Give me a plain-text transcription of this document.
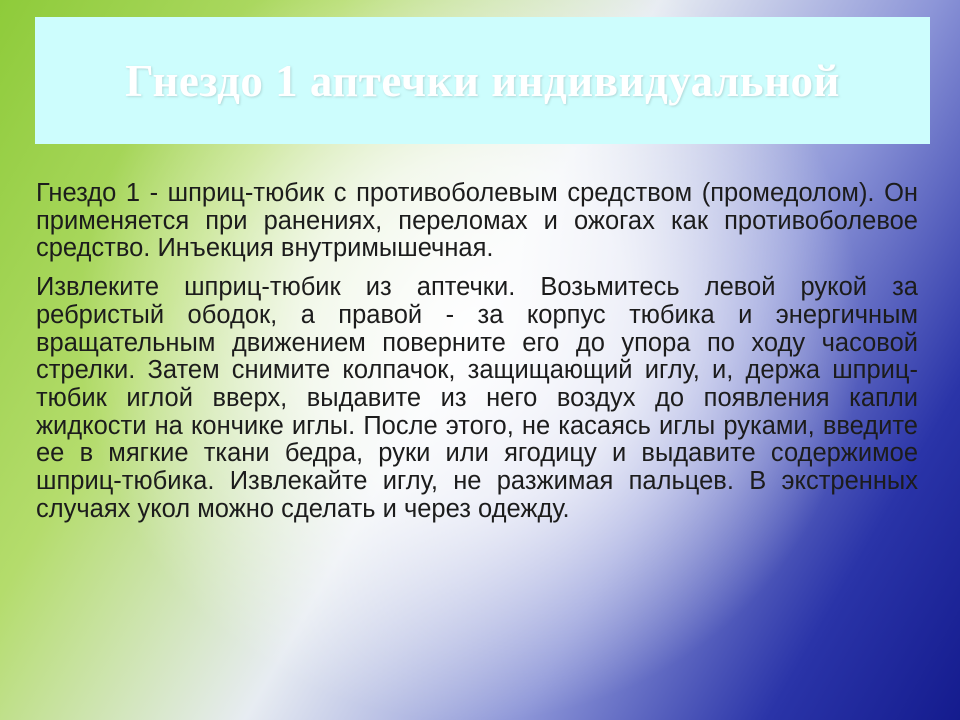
Гнездо 1 аптечки индивидуальной

Гнездо 1 - шприц-тюбик с противоболевым средством (промедолом). Он применяется при ранениях, переломах и ожогах как противоболевое средство. Инъекция внутримышечная.

Извлеките шприц-тюбик из аптечки. Возьмитесь левой рукой за ребристый ободок, а правой - за корпус тюбика и энергичным вращательным движением поверните его до упора по ходу часовой стрелки. Затем снимите колпачок, защищающий иглу, и, держа шприц-тюбик иглой вверх, выдавите из него воздух до появления капли жидкости на кончике иглы. После этого, не касаясь иглы руками, введите ее в мягкие ткани бедра, руки или ягодицу и выдавите содержимое шприц-тюбика. Извлекайте иглу, не разжимая пальцев. В экстренных случаях укол можно сделать и через одежду.
